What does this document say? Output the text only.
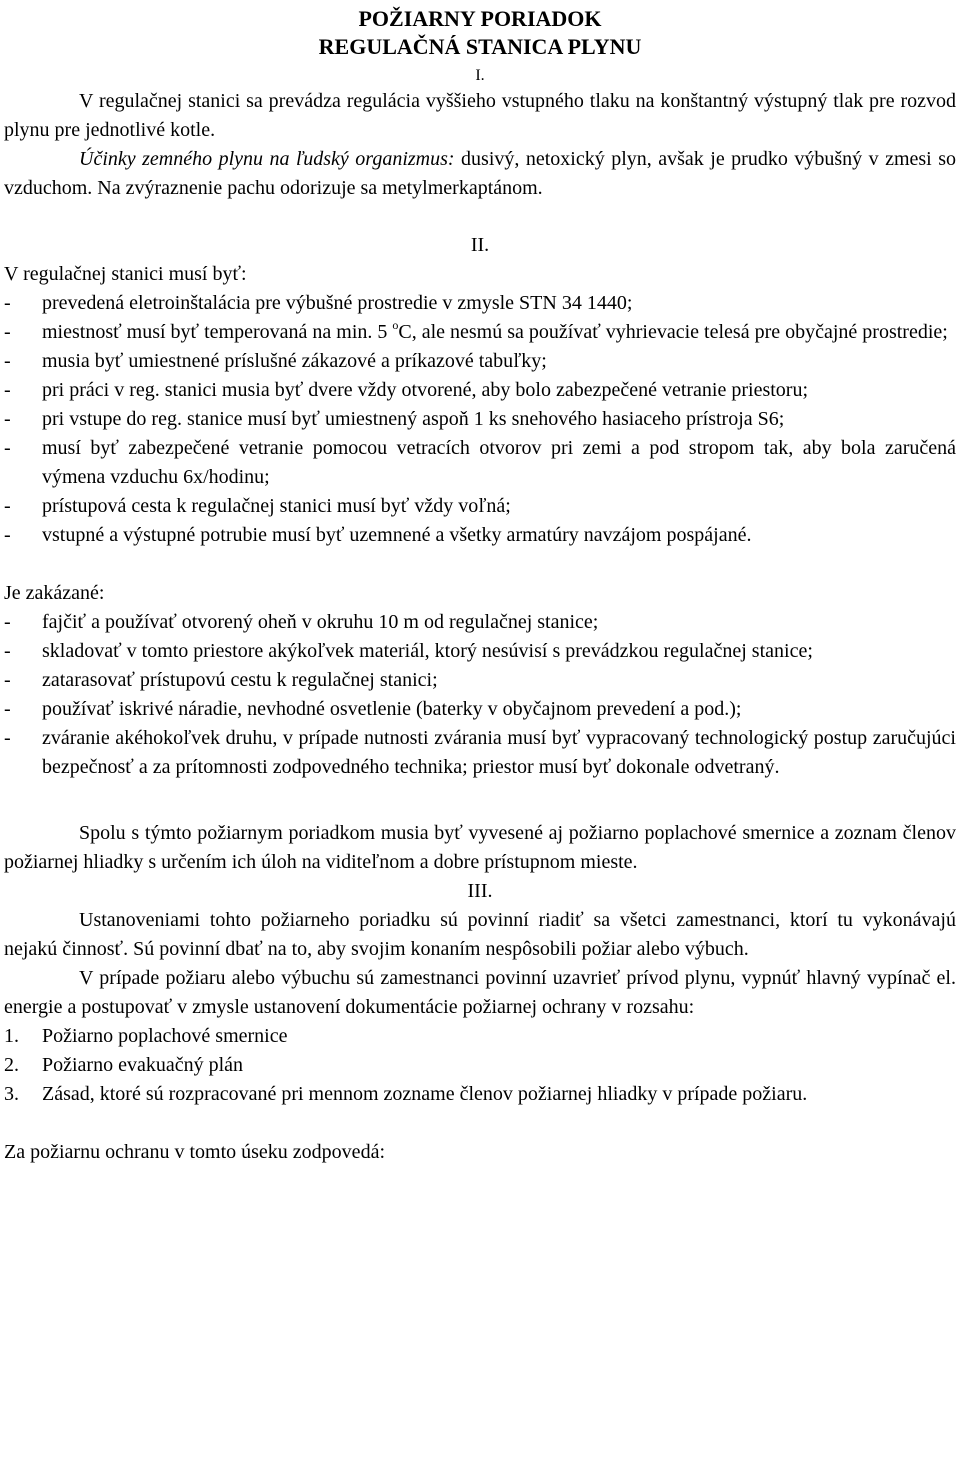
POŽIARNY PORIADOK
REGULAČNÁ STANICA PLYNU

I.

V regulačnej stanici sa prevádza regulácia vyššieho vstupného tlaku na konštantný výstupný tlak pre rozvod plynu pre jednotlivé kotle.

Účinky zemného plynu na ľudský organizmus: dusivý, netoxický plyn, avšak je prudko výbušný v zmesi so vzduchom. Na zvýraznenie pachu odorizuje sa metylmerkaptánom.

II.

V regulačnej stanici musí byť:

- prevedená eletroinštalácia pre výbušné prostredie v zmysle STN 34 1440;
- miestnosť musí byť temperovaná na min. 5 $^o$C, ale nesmú sa používať vyhrievacie telesá pre obyčajné prostredie;
- musia byť umiestnené príslušné zákazové a príkazové tabuľky;
- pri práci v reg. stanici musia byť dvere vždy otvorené, aby bolo zabezpečené vetranie priestoru;
- pri vstupe do reg. stanice musí byť umiestnený aspoň 1 ks snehového hasiaceho prístroja S6;
- musí byť zabezpečené vetranie pomocou vetracích otvorov pri zemi a pod stropom tak, aby bola zaručená výmena vzduchu 6x/hodinu;
- prístupová cesta k regulačnej stanici musí byť vždy voľná;
- vstupné a výstupné potrubie musí byť uzemnené a všetky armatúry navzájom pospájané.

Je zakázané:

- fajčiť a používať otvorený oheň v okruhu 10 m od regulačnej stanice;
- skladovať v tomto priestore akýkoľvek materiál, ktorý nesúvisí s prevádzkou regulačnej stanice;
- zatarasovať prístupovú cestu k regulačnej stanici;
- používať iskrivé náradie, nevhodné osvetlenie (baterky v obyčajnom prevedení a pod.);
- zváranie akéhokoľvek druhu, v prípade nutnosti zvárania musí byť vypracovaný technologický postup zaručujúci bezpečnosť a za prítomnosti zodpovedného technika; priestor musí byť dokonale odvetraný.

Spolu s týmto požiarnym poriadkom musia byť vyvesené aj požiarno poplachové smernice a zoznam členov požiarnej hliadky s určením ich úloh na viditeľnom a dobre prístupnom mieste.

III.

Ustanoveniami tohto požiarneho poriadku sú povinní riadiť sa všetci zamestnanci, ktorí tu vykonávajú nejakú činnosť. Sú povinní dbať na to, aby svojim konaním nespôsobili požiar alebo výbuch.

V prípade požiaru alebo výbuchu sú zamestnanci povinní uzavrieť prívod plynu, vypnúť hlavný vypínač el. energie a postupovať v zmysle ustanovení dokumentácie požiarnej ochrany v rozsahu:

1. Požiarno poplachové smernice
2. Požiarno evakuačný plán
3. Zásad, ktoré sú rozpracované pri mennom zozname členov požiarnej hliadky v prípade požiaru.

Za požiarnu ochranu v tomto úseku zodpovedá:
